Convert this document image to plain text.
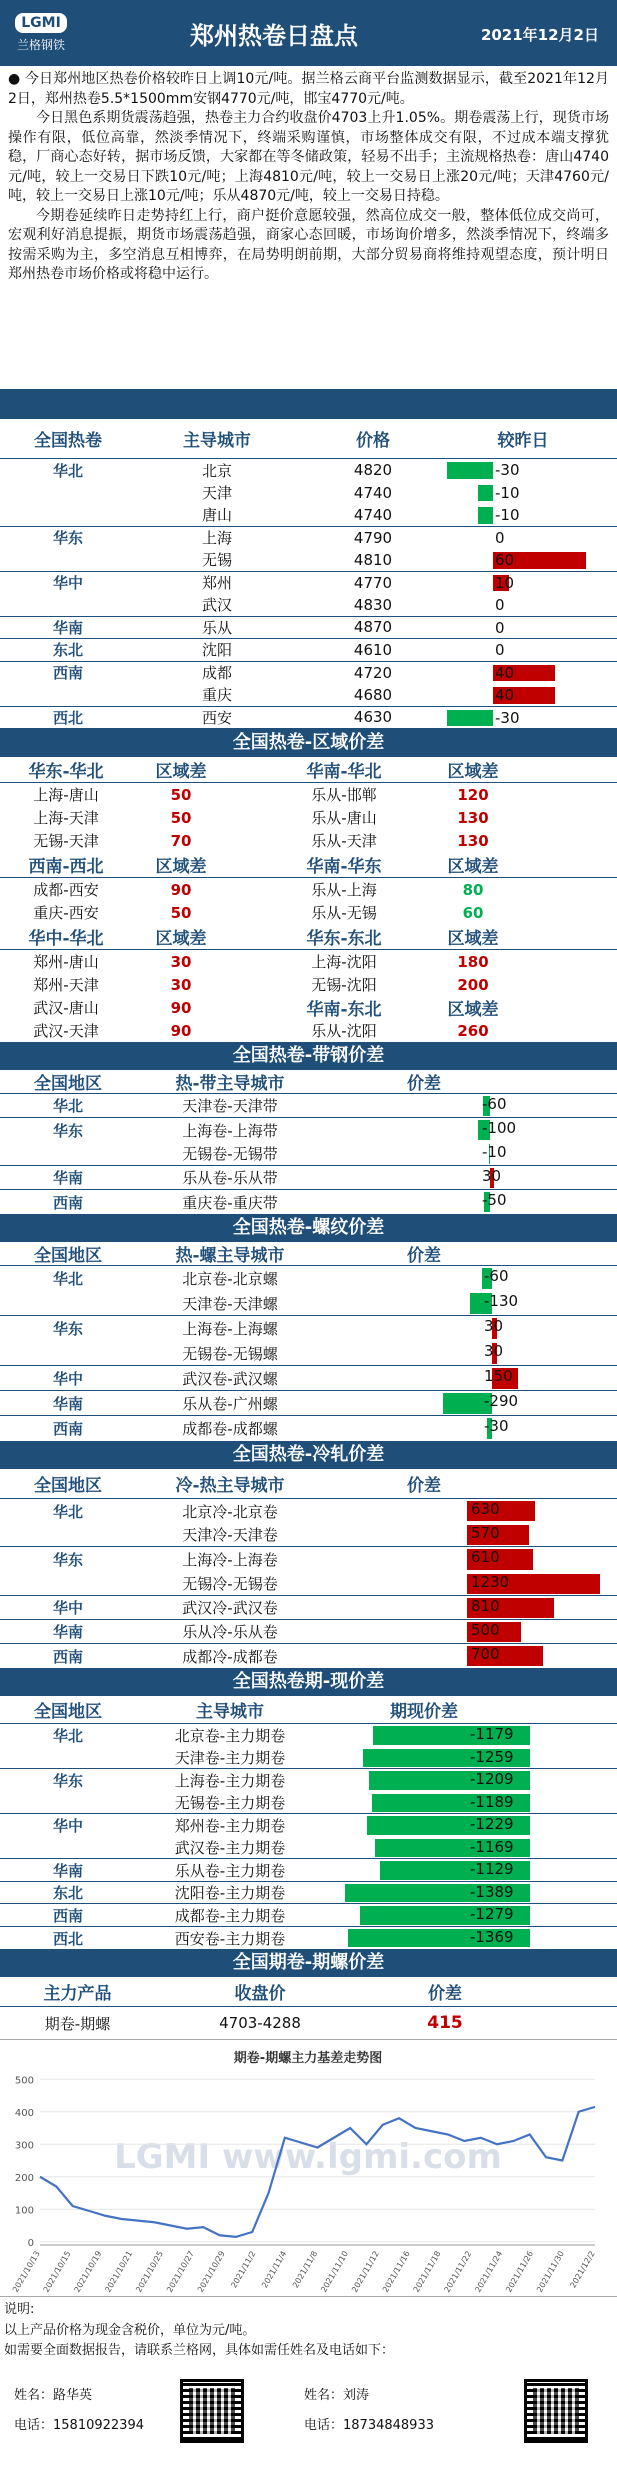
LGMI
兰格钢铁	郑州热卷日盘点	2021年12月2日

● 今日郑州地区热卷价格较昨日上调10元/吨。据兰格云商平台监测数据显示，截至2021年12月2日，郑州热卷5.5*1500mm安钢4770元/吨，邯宝4770元/吨。

今日黑色系期货震荡趋强，热卷主力合约收盘价4703上升1.05%。期卷震荡上行，现货市场操作有限，低位高靠，然淡季情况下，终端采购谨慎，市场整体成交有限，不过成本端支撑犹稳，厂商心态好转，据市场反馈，大家都在等冬储政策，轻易不出手；主流规格热卷：唐山4740元/吨，较上一交易日下跌10元/吨；上海4810元/吨，较上一交易日上涨20元/吨；天津4760元/吨，较上一交易日上涨10元/吨；乐从4870元/吨，较上一交易日持稳。

今期卷延续昨日走势持红上行，商户挺价意愿较强，然高位成交一般，整体低位成交尚可，宏观利好消息提振，期货市场震荡趋强，商家心态回暖，市场询价增多，然淡季情况下，终端多按需采购为主，多空消息互相博弈，在局势明朗前期，大部分贸易商将维持观望态度，预计明日郑州热卷市场价格或将稳中运行。

全国热卷	主导城市	价格	较昨日
华北	北京	4820	-30
天津	4740	-10
唐山	4740	-10
华东	上海	4790	0
无锡	4810	60
华中	郑州	4770	10
武汉	4830	0
华南	乐从	4870	0
东北	沈阳	4610	0
西南	成都	4720	40
重庆	4680	40
西北	西安	4630	-30
全国热卷-区域价差
华东-华北	区域差	华南-华北	区域差
上海-唐山	50	乐从-邯郸	120
上海-天津	50	乐从-唐山	130
无锡-天津	70	乐从-天津	130
西南-西北	区域差	华南-华东	区域差
成都-西安	90	乐从-上海	80
重庆-西安	50	乐从-无锡	60
华中-华北	区域差	华东-东北	区域差
郑州-唐山	30	上海-沈阳	180
郑州-天津	30	无锡-沈阳	200
武汉-唐山	90	华南-东北	区域差
武汉-天津	90	乐从-沈阳	260
全国热卷-带钢价差
全国地区	热-带主导城市	价差
华北	天津卷-天津带	-60
华东	上海卷-上海带	-100
无锡卷-无锡带	-10
华南	乐从卷-乐从带	30
西南	重庆卷-重庆带	-50
全国热卷-螺纹价差
全国地区	热-螺主导城市	价差
华北	北京卷-北京螺	-60
天津卷-天津螺	-130
华东	上海卷-上海螺	30
无锡卷-无锡螺	30
华中	武汉卷-武汉螺	150
华南	乐从卷-广州螺	-290
西南	成都卷-成都螺	-30
全国热卷-冷轧价差
全国地区	冷-热主导城市	价差
华北	北京冷-北京卷	630
天津冷-天津卷	570
华东	上海冷-上海卷	610
无锡冷-无锡卷	1230
华中	武汉冷-武汉卷	810
华南	乐从冷-乐从卷	500
西南	成都冷-成都卷	700
全国热卷期-现价差
全国地区	主导城市	期现价差
华北	北京卷-主力期卷	-1179
天津卷-主力期卷	-1259
华东	上海卷-主力期卷	-1209
无锡卷-主力期卷	-1189
华中	郑州卷-主力期卷	-1229
武汉卷-主力期卷	-1169
华南	乐从卷-主力期卷	-1129
东北	沈阳卷-主力期卷	-1389
西南	成都卷-主力期卷	-1279
西北	西安卷-主力期卷	-1369
全国期卷-期螺价差
主力产品	收盘价	价差
期卷-期螺	4703-4288	415
期卷-期螺主力基差走势图
LGMI www.lgmi.com
500
400
300
200
100
0
2021/10/13 2021/10/15 2021/10/19 2021/10/21 2021/10/25 2021/10/27 2021/10/29 2021/11/2 2021/11/4 2021/11/8 2021/11/10 2021/11/12 2021/11/16 2021/11/18 2021/11/22 2021/11/24 2021/11/26 2021/11/30 2021/12/2
说明:
以上产品价格为现金含税价，单位为元/吨。
如需要全面数据报告，请联系兰格网，具体如需任姓名及电话如下：
姓名：路华英
电话：15810922394
姓名：刘涛
电话：18734848933
